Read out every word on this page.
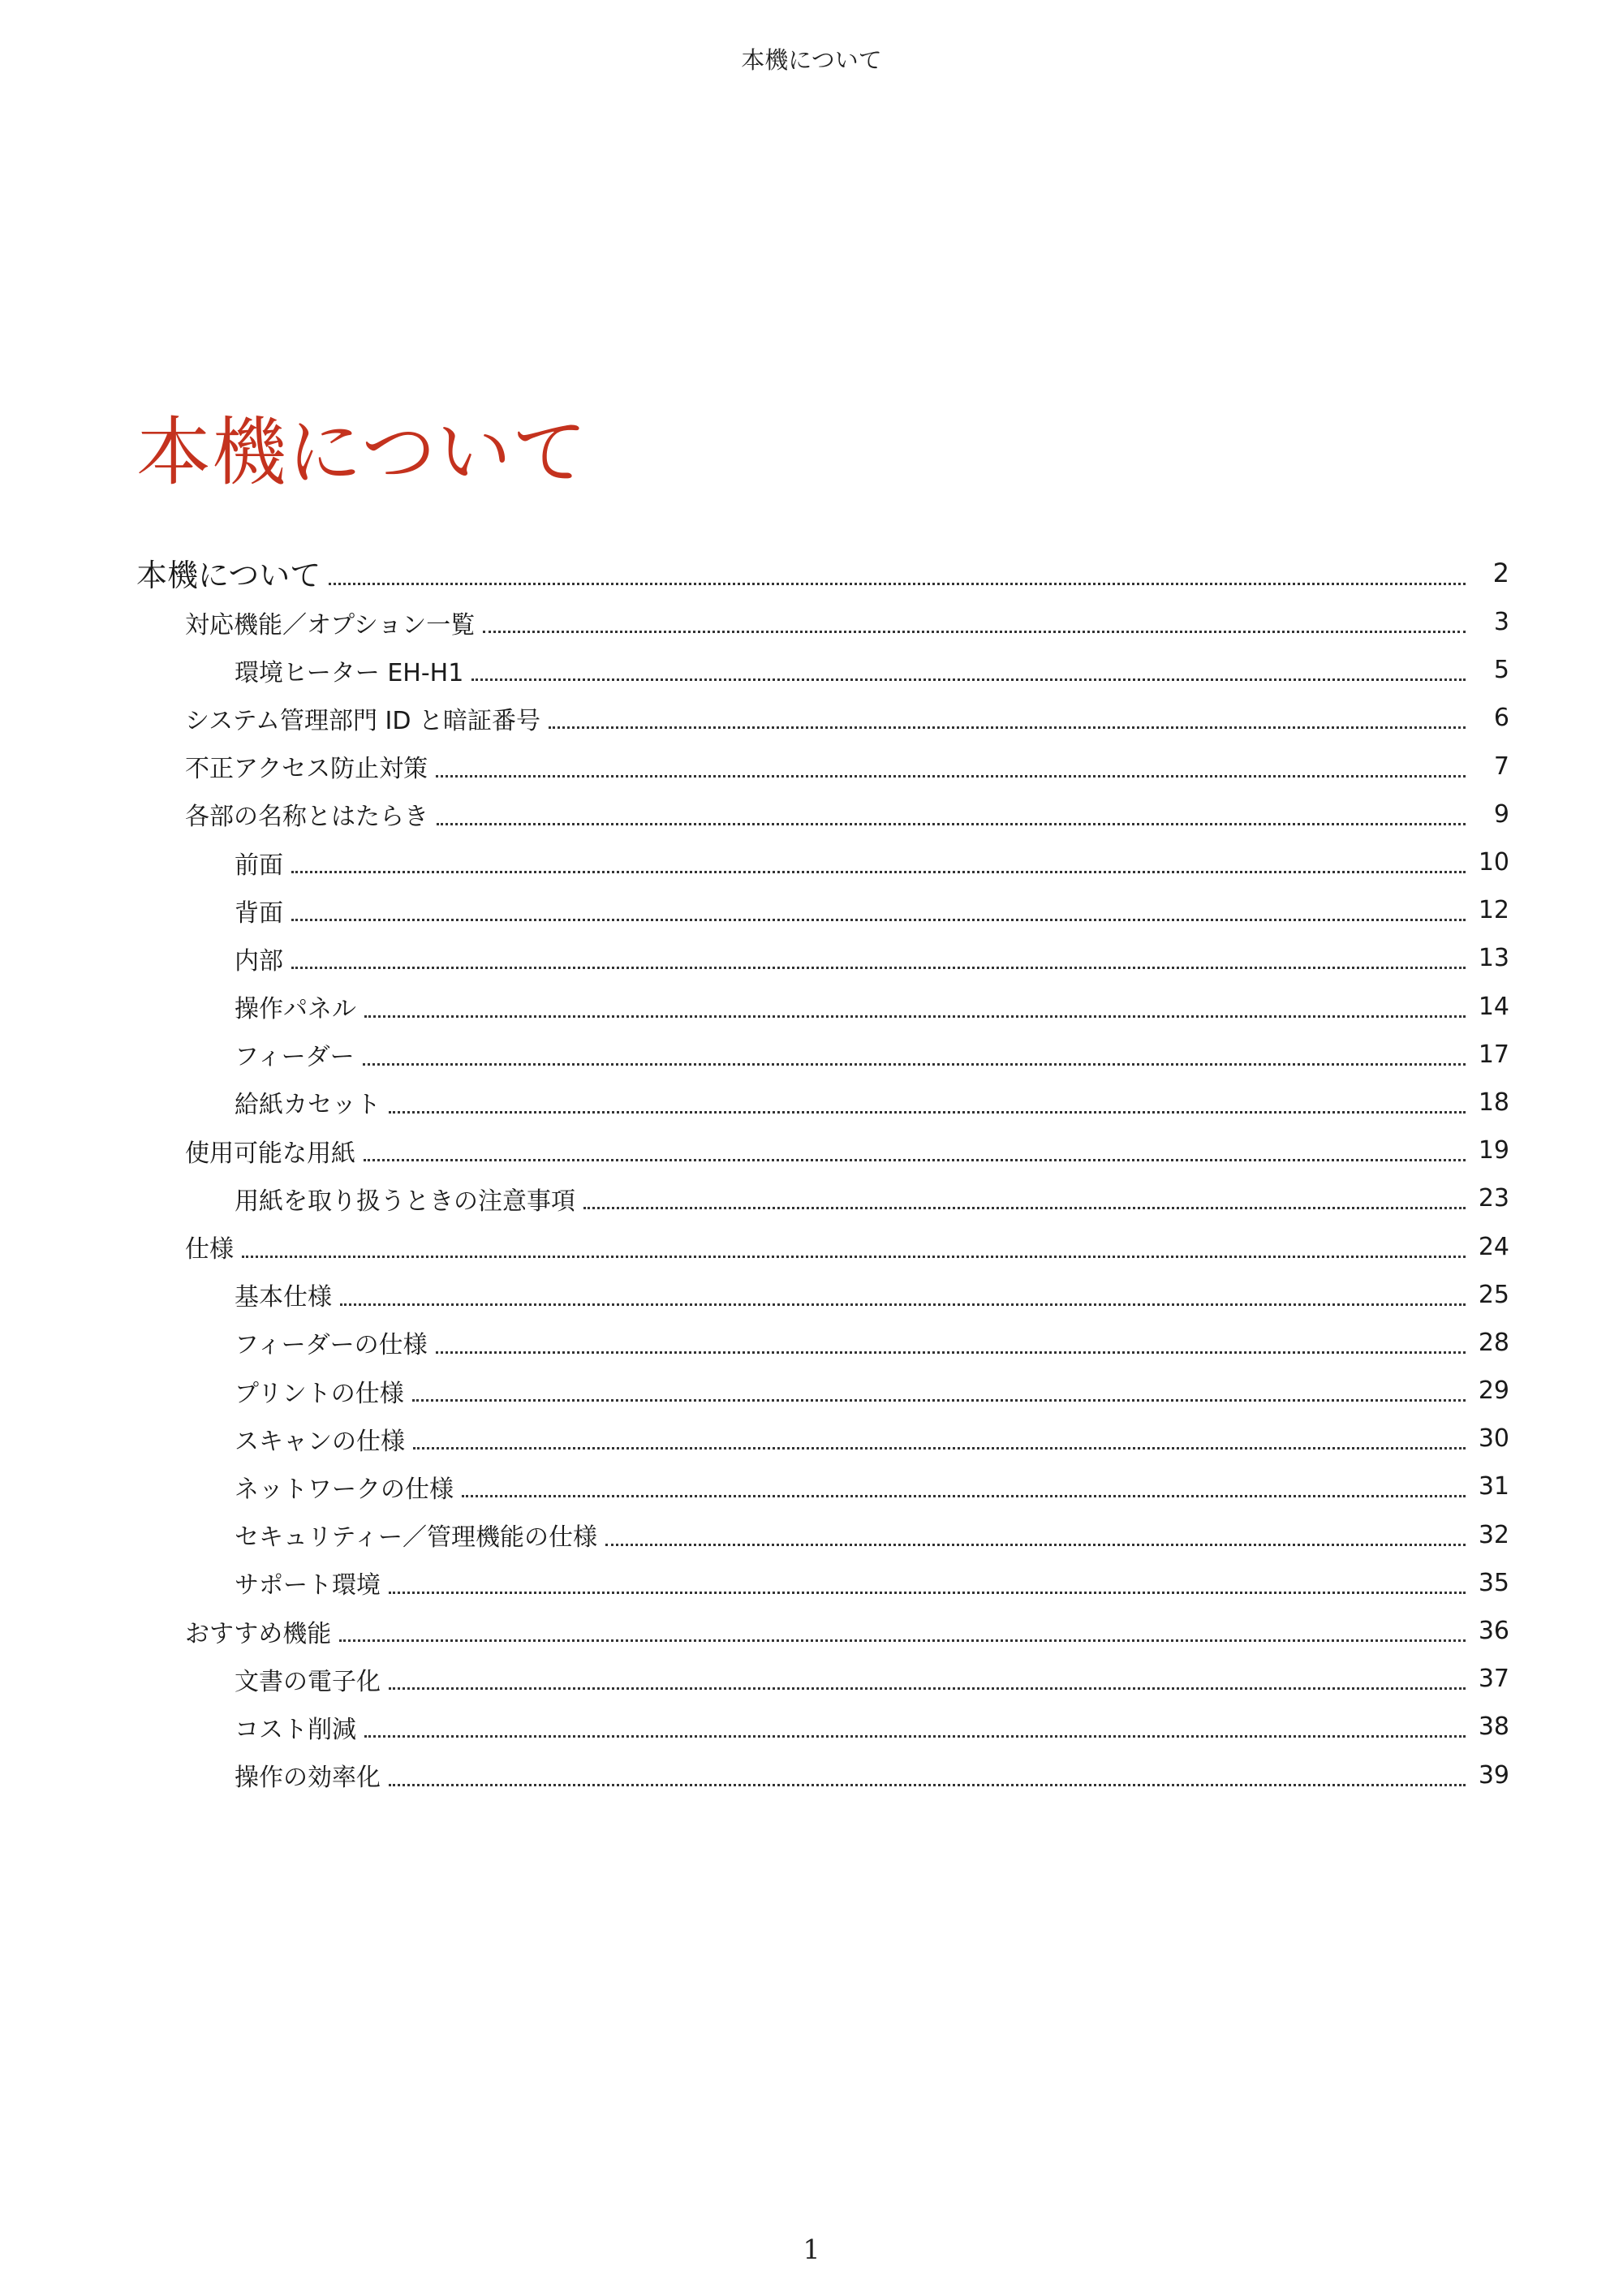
本機について
本機について
本機について	2
対応機能／オプション一覧	3
環境ヒーター EH-H1	5
システム管理部門 ID と暗証番号	6
不正アクセス防止対策	7
各部の名称とはたらき	9
前面	10
背面	12
内部	13
操作パネル	14
フィーダー	17
給紙カセット	18
使用可能な用紙	19
用紙を取り扱うときの注意事項	23
仕様	24
基本仕様	25
フィーダーの仕様	28
プリントの仕様	29
スキャンの仕様	30
ネットワークの仕様	31
セキュリティー／管理機能の仕様	32
サポート環境	35
おすすめ機能	36
文書の電子化	37
コスト削減	38
操作の効率化	39
1
